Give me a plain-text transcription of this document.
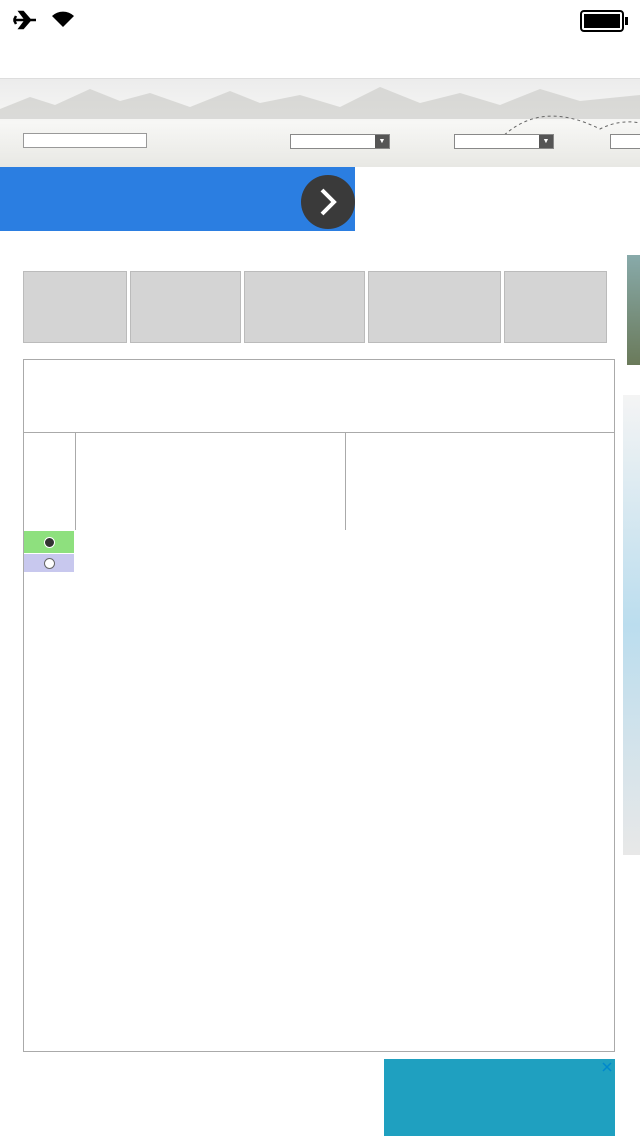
▼	▼
